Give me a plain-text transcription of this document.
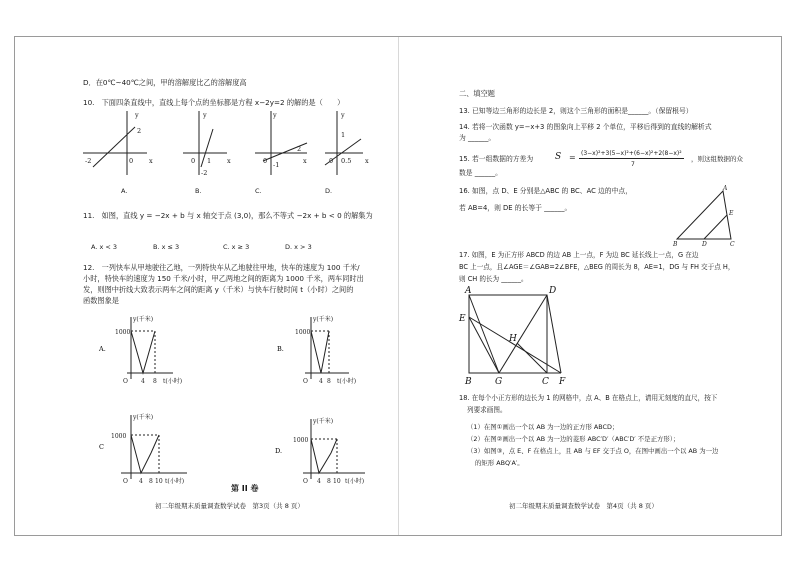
D．在0℃~40℃之间，甲的溶解度比乙的溶解度高
10.　下面四条直线中，直线上每个点的坐标都是方程 x−2y=2 的解的是（　　）
y
2
-2	0 x
y
0 1 x
-2
y
0
2
x
-1
y
0 0.5 x
1
A.	B.	C.	D.
11.　如图，直线 y = −2x + b 与 x 轴交于点 (3,0)，那么不等式 −2x + b < 0 的解集为
A. x < 3	B. x ≤ 3	C. x ≥ 3	D. x > 3
12.　一列快车从甲地驶往乙地，一列特快车从乙地驶往甲地，快车的速度为 100 千米/
小时，特快车的速度为 150 千米/小时，甲乙两地之间的距离为 1000 千米，两车同时出
发，则图中折线大致表示两车之间的距离 y（千米）与快车行驶时间 t（小时）之间的
函数图象是
y(千米)
1000
O 4 8 t(小时)
A.
y(千米)
1000
O 4 8 t(小时)
B.
y(千米)
1000
O 4 8 10 t(小时)
C
y(千米)
1000
O 4 8 10 t(小时)
D.
第 II 卷
初二年级期末质量调查数学试卷　第3页（共 8 页）
二、填空题
13. 已知等边三角形的边长是 2，则这个三角形的面积是______。（保留根号）
14. 若将一次函数 y=−x+3 的图象向上平移 2 个单位，平移后得到的直线的解析式
为 ______。
15. 若一组数据的方差为 S = (3−x)²+3(5−x)²+(6−x)²+2(8−x)²
7
，则这组数据的众
数是 ______。
16. 如图，点 D、E 分别是△ABC 的 BC、AC 边的中点，
若 AB=4，则 DE 的长等于 ______。
A
E
B	D	C
17. 如图，E 为正方形 ABCD 的边 AB 上一点，F 为边 BC 延长线上一点，G 在边
BC 上一点，且∠AGE＝∠GAB=2∠BFE，△BEG 的周长为 8，AE=1，DG 与 FH 交于点 H，
则 CH 的长为 ______。
A	D
E
H
B	G	C F
18. 在每个小正方形的边长为 1 的网格中，点 A、B 在格点上，请用无刻度的直尺，按下
列要求画图。
（1）在图①画出一个以 AB 为一边的正方形 ABCD；
（2）在图②画出一个以 AB 为一边的菱形 ABC′D′（ABC′D′ 不是正方形）；
（3）如图③，点 E、F 在格点上，且 AB 与 EF 交于点 O，在图中画出一个以 AB 为一边
的矩形 ABQ′A′。
初二年级期末质量调查数学试卷　第4页（共 8 页）
